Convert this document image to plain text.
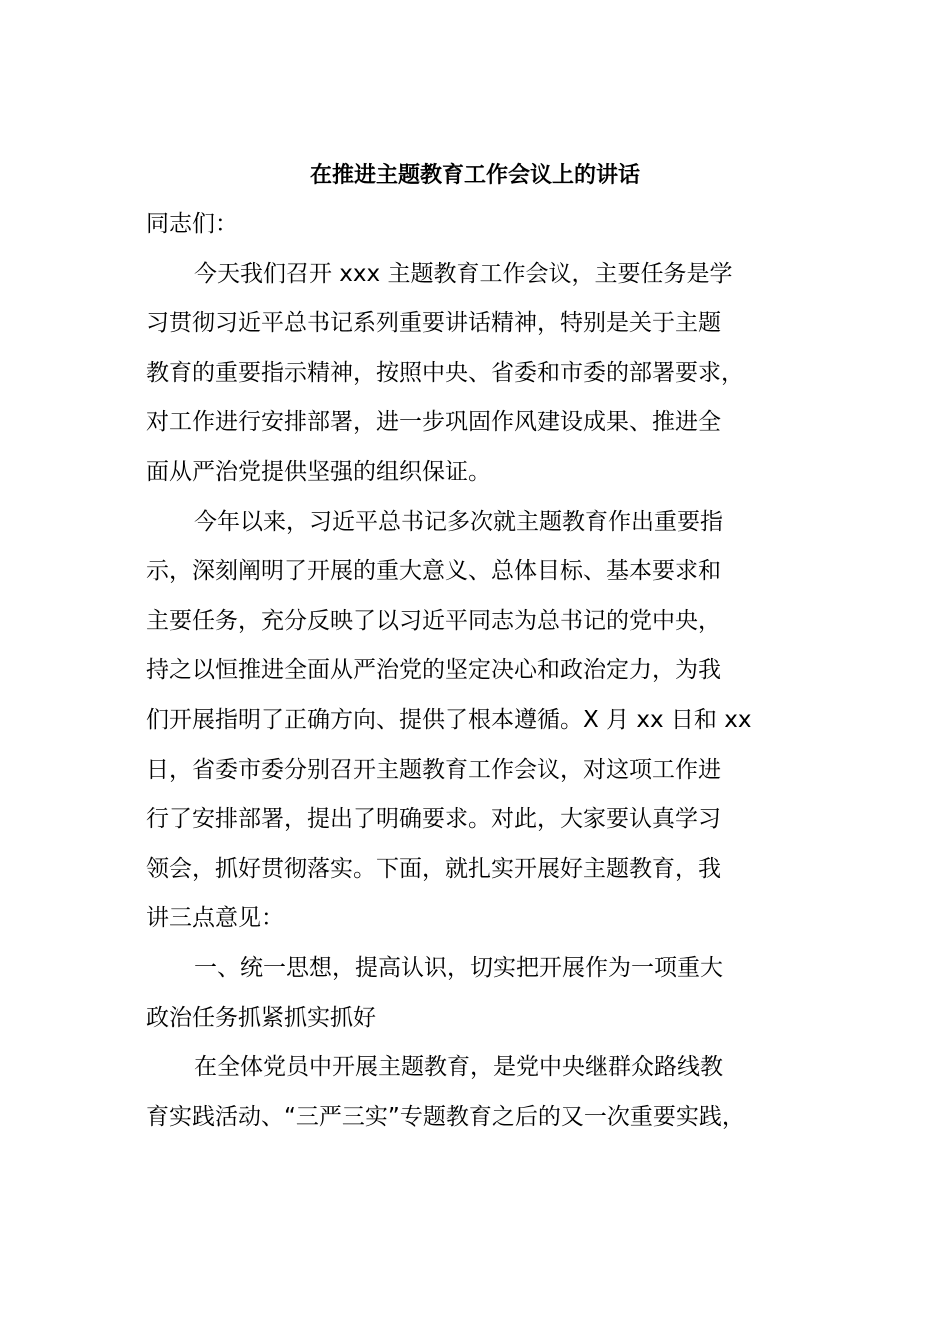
在推进主题教育工作会议上的讲话

同志们：

今天我们召开 xxx 主题教育工作会议，主要任务是学

习贯彻习近平总书记系列重要讲话精神，特别是关于主题

教育的重要指示精神，按照中央、省委和市委的部署要求，

对工作进行安排部署，进一步巩固作风建设成果、推进全

面从严治党提供坚强的组织保证。

今年以来，习近平总书记多次就主题教育作出重要指

示，深刻阐明了开展的重大意义、总体目标、基本要求和

主要任务，充分反映了以习近平同志为总书记的党中央，

持之以恒推进全面从严治党的坚定决心和政治定力，为我

们开展指明了正确方向、提供了根本遵循。X 月 xx 日和 xx

日，省委市委分别召开主题教育工作会议，对这项工作进

行了安排部署，提出了明确要求。对此，大家要认真学习

领会，抓好贯彻落实。下面，就扎实开展好主题教育，我

讲三点意见：

一、统一思想，提高认识，切实把开展作为一项重大

政治任务抓紧抓实抓好

在全体党员中开展主题教育，是党中央继群众路线教

育实践活动、“三严三实”专题教育之后的又一次重要实践，
